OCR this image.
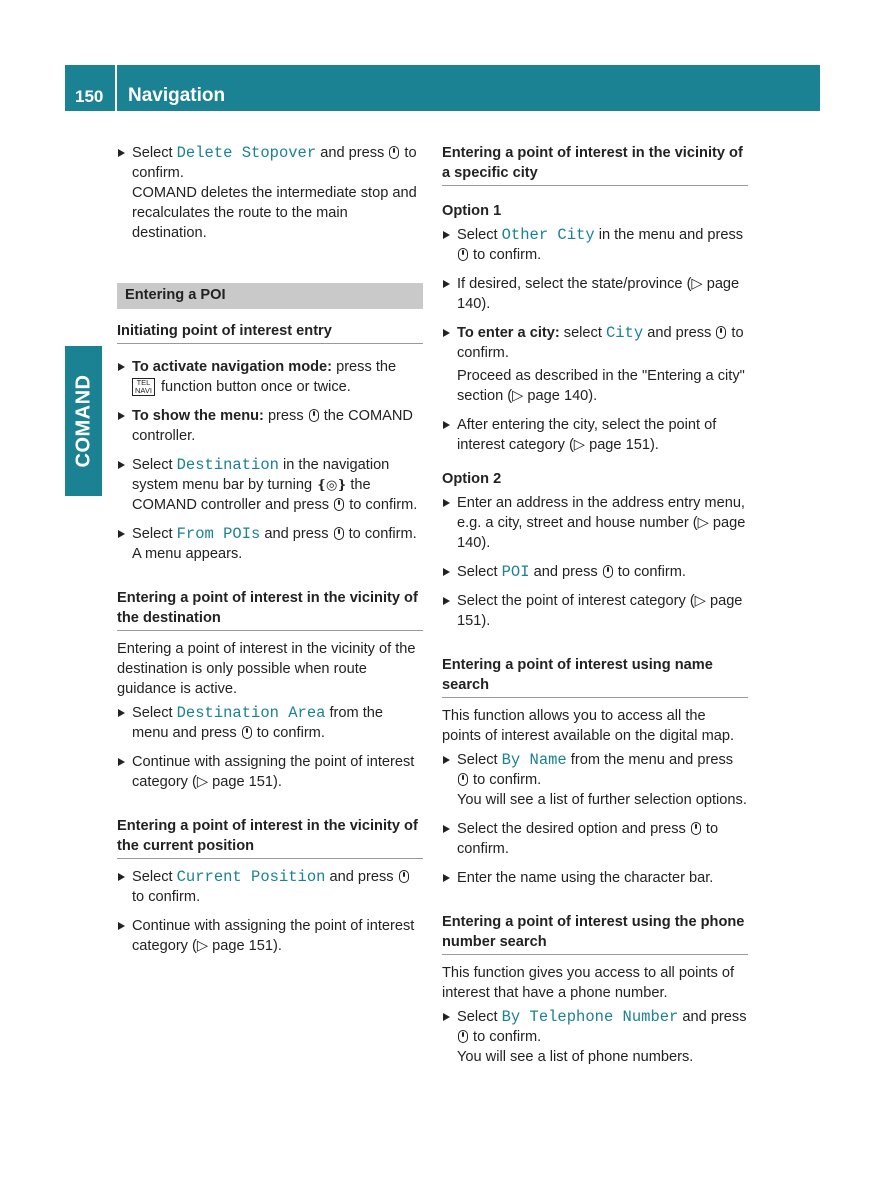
150 Navigation
COMAND
Select Delete Stopover and press  to confirm.
COMAND deletes the intermediate stop and recalculates the route to the main destination.
Entering a POI
Initiating point of interest entry
To activate navigation mode: press the TEL
NAVI function button once or twice.
To show the menu: press  the COMAND controller.
Select Destination in the navigation system menu bar by turning ❴◎❵ the COMAND controller and press  to confirm.
Select From POIs and press  to confirm.
A menu appears.
Entering a point of interest in the vicinity of the destination
Entering a point of interest in the vicinity of the destination is only possible when route guidance is active.
Select Destination Area from the menu and press  to confirm.
Continue with assigning the point of interest category (▷ page 151).
Entering a point of interest in the vicinity of the current position
Select Current Position and press  to confirm.
Continue with assigning the point of interest category (▷ page 151).
Entering a point of interest in the vicinity of a specific city
Option 1
Select Other City in the menu and press  to confirm.
If desired, select the state/province (▷ page 140).
To enter a city: select City and press  to confirm.
Proceed as described in the "Entering a city" section (▷ page 140).
After entering the city, select the point of interest category (▷ page 151).
Option 2
Enter an address in the address entry menu, e.g. a city, street and house number (▷ page 140).
Select POI and press  to confirm.
Select the point of interest category (▷ page 151).
Entering a point of interest using name search
This function allows you to access all the points of interest available on the digital map.
Select By Name from the menu and press  to confirm.
You will see a list of further selection options.
Select the desired option and press  to confirm.
Enter the name using the character bar.
Entering a point of interest using the phone number search
This function gives you access to all points of interest that have a phone number.
Select By Telephone Number and press  to confirm.
You will see a list of phone numbers.
